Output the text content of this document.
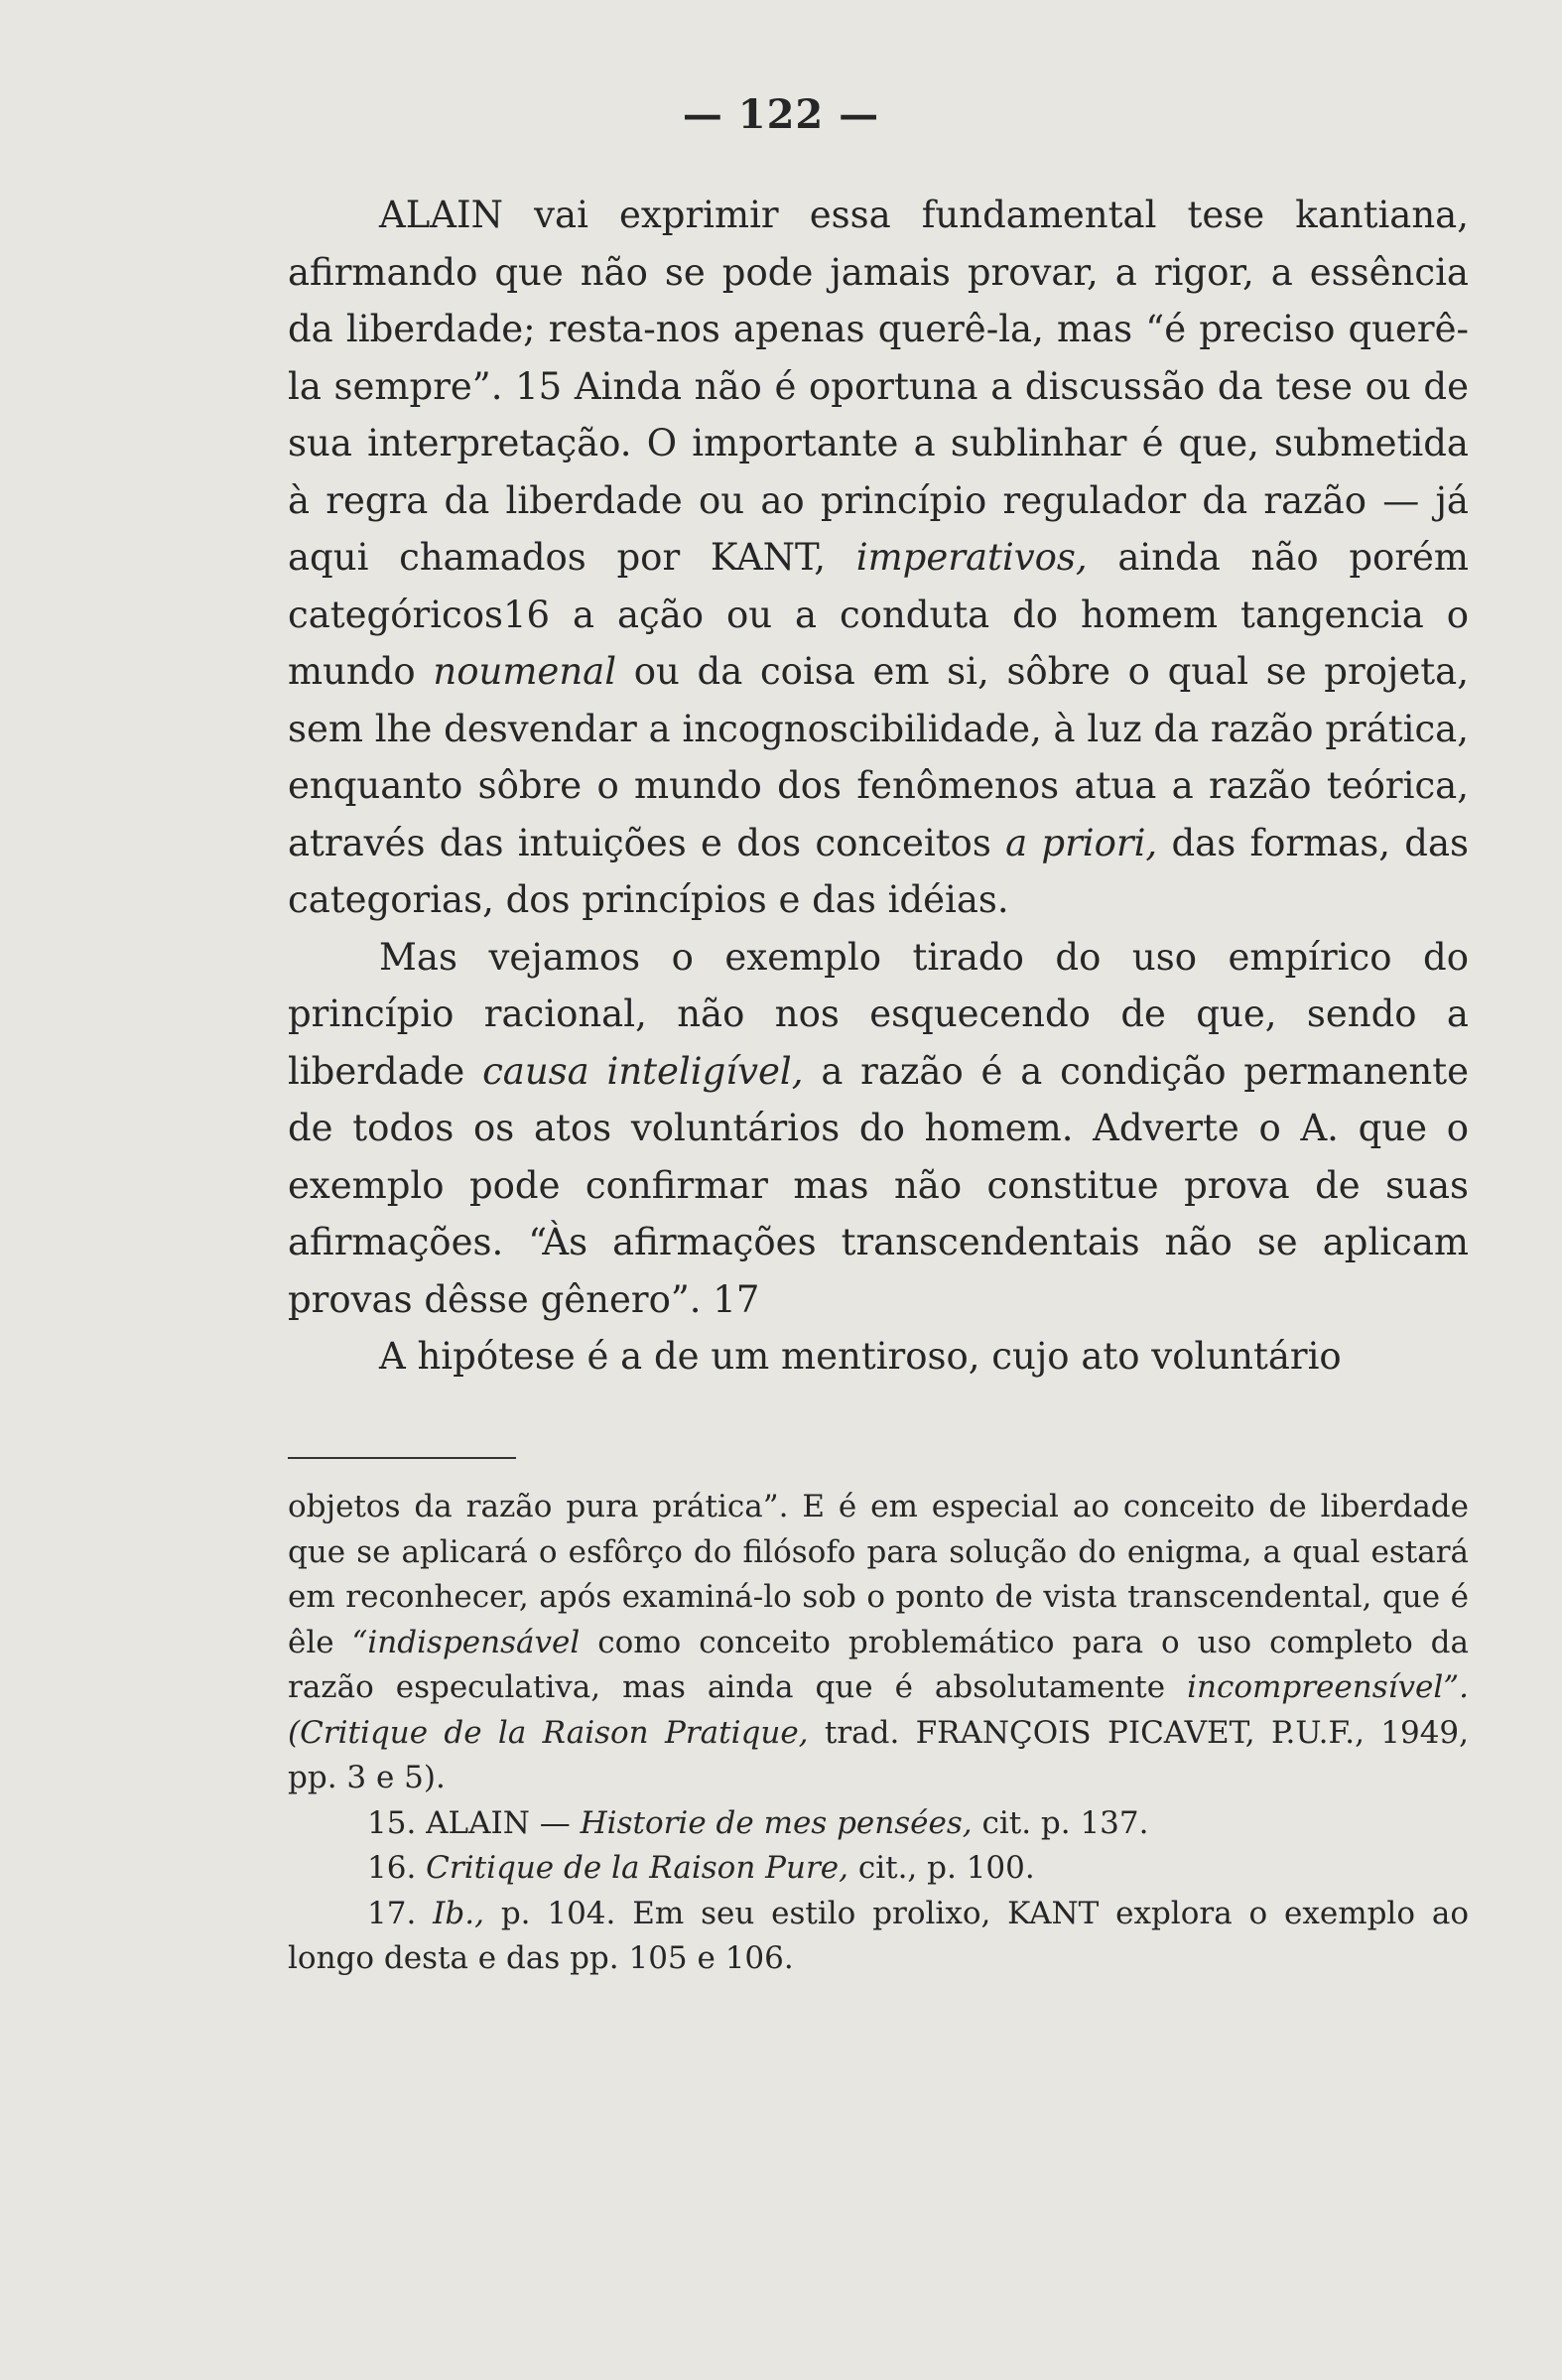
— 122 —

ALAIN vai exprimir essa fundamental tese kantiana, afirmando que não se pode jamais provar, a rigor, a essência da liberdade; resta-nos apenas querê-la, mas “é preciso querê-la sempre”. 15 Ainda não é oportuna a discussão da tese ou de sua interpretação. O importante a sublinhar é que, submetida à regra da liberdade ou ao princípio regulador da razão — já aqui chamados por KANT, imperativos, ainda não porém categóricos16 a ação ou a conduta do homem tangencia o mundo noumenal ou da coisa em si, sôbre o qual se projeta, sem lhe desvendar a incognoscibilidade, à luz da razão prática, enquanto sôbre o mundo dos fenômenos atua a razão teórica, através das intuições e dos conceitos a priori, das formas, das categorias, dos princípios e das idéias.

Mas vejamos o exemplo tirado do uso empírico do princípio racional, não nos esquecendo de que, sendo a liberdade causa inteligível, a razão é a condição permanente de todos os atos voluntários do homem. Adverte o A. que o exemplo pode confirmar mas não constitue prova de suas afirmações. “Às afirmações transcendentais não se aplicam provas dêsse gênero”. 17

A hipótese é a de um mentiroso, cujo ato voluntário

objetos da razão pura prática”. E é em especial ao conceito de liberdade que se aplicará o esfôrço do filósofo para solução do enigma, a qual estará em reconhecer, após examiná-lo sob o ponto de vista transcendental, que é êle “indispensável como conceito problemático para o uso completo da razão especulativa, mas ainda que é absolutamente incompreensível”. (Critique de la Raison Pratique, trad. FRANÇOIS PICAVET, P.U.F., 1949, pp. 3 e 5).

15. ALAIN — Historie de mes pensées, cit. p. 137.

16. Critique de la Raison Pure, cit., p. 100.

17. Ib., p. 104. Em seu estilo prolixo, KANT explora o exemplo ao longo desta e das pp. 105 e 106.
